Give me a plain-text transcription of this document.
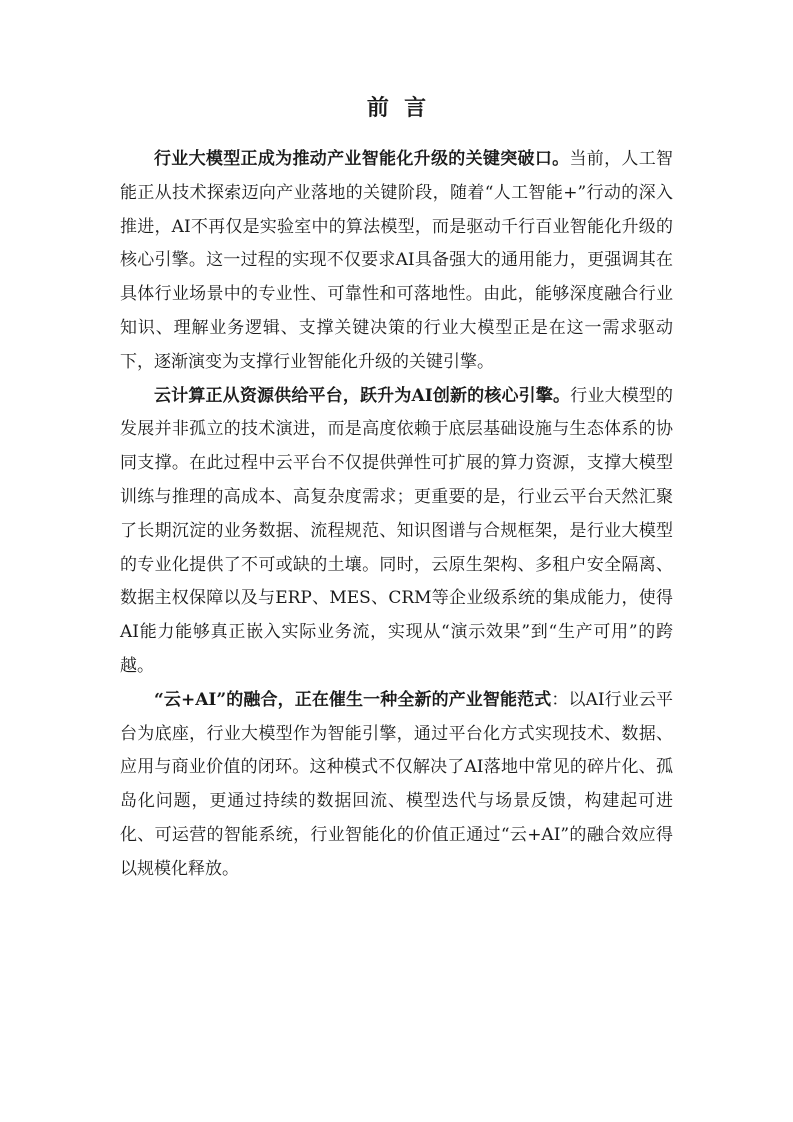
前  言

行业大模型正成为推动产业智能化升级的关键突破口。当前，人工智能正从技术探索迈向产业落地的关键阶段，随着“人工智能+”行动的深入推进，AI不再仅是实验室中的算法模型，而是驱动千行百业智能化升级的核心引擎。这一过程的实现不仅要求AI具备强大的通用能力，更强调其在具体行业场景中的专业性、可靠性和可落地性。由此，能够深度融合行业知识、理解业务逻辑、支撑关键决策的行业大模型正是在这一需求驱动下，逐渐演变为支撑行业智能化升级的关键引擎。

云计算正从资源供给平台，跃升为AI创新的核心引擎。行业大模型的发展并非孤立的技术演进，而是高度依赖于底层基础设施与生态体系的协同支撑。在此过程中云平台不仅提供弹性可扩展的算力资源，支撑大模型训练与推理的高成本、高复杂度需求；更重要的是，行业云平台天然汇聚了长期沉淀的业务数据、流程规范、知识图谱与合规框架，是行业大模型的专业化提供了不可或缺的土壤。同时，云原生架构、多租户安全隔离、数据主权保障以及与ERP、MES、CRM等企业级系统的集成能力，使得AI能力能够真正嵌入实际业务流，实现从“演示效果”到“生产可用”的跨越。

“云+AI”的融合，正在催生一种全新的产业智能范式：以AI行业云平台为底座，行业大模型作为智能引擎，通过平台化方式实现技术、数据、应用与商业价值的闭环。这种模式不仅解决了AI落地中常见的碎片化、孤岛化问题，更通过持续的数据回流、模型迭代与场景反馈，构建起可进化、可运营的智能系统，行业智能化的价值正通过“云+AI”的融合效应得以规模化释放。
